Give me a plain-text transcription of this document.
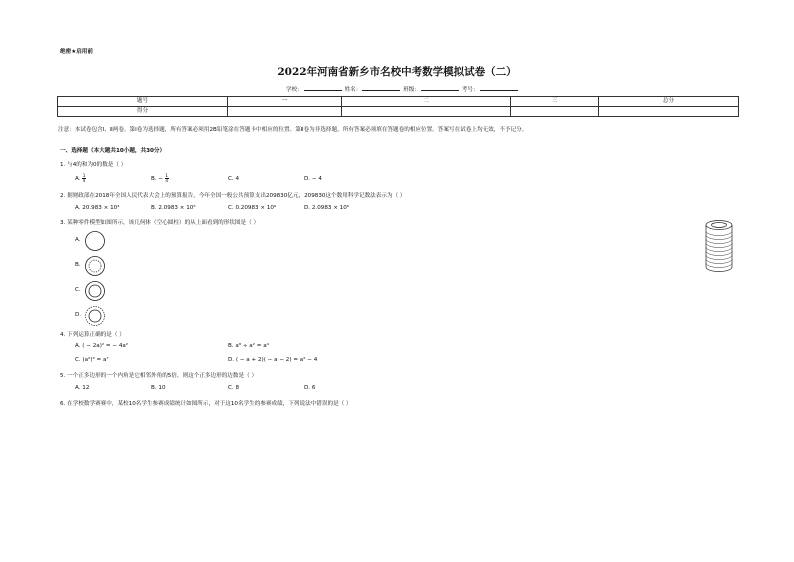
绝密★启用前
2022年河南省新乡市名校中考数学模拟试卷（二）
学校：	姓名：	班级：	考号：
题号	一	二	三	总分
得分				
注意：本试卷包含Ⅰ、Ⅱ两卷。第Ⅰ卷为选择题，所有答案必须用2B铅笔涂在答题卡中相应的位置。第Ⅱ卷为非选择题，所有答案必须填在答题卷的相应位置。答案写在试卷上均无效，不予记分。
一、选择题（本大题共10小题，共30分）
1. 与4的和为0的数是（ ）
A. $\frac{1}{4}$	B. − $\frac{1}{4}$	C. 4	D. − 4
2. 据财政部在2018年全国人民代表大会上的预算报告，今年全国一般公共预算支出209830亿元，209830这个数用科学记数法表示为（ ）
A. 20.983 × 10⁴	B. 2.0983 × 10⁵	C. 0.20983 × 10⁶	D. 2.0983 × 10⁶
3. 某种零件模型如图所示，该几何体（空心圆柱）的从上面看到的形状图是（ ）
A.
B.
C.
D.
4. 下列运算正确的是（ ）
A. ( − 2a)² = − 4a²	B. a⁸ ÷ a² = a⁴
C. (a²)³ = a⁷	D. ( − a + 2)( − a − 2) = a² − 4
5. 一个正多边形的一个内角是它相邻外角的5倍，则这个正多边形的边数是（ ）
A. 12	B. 10	C. 8	D. 6
6. 在学校数学赛赛中，某校10名学生参赛成绩统计如图所示，对于这10名学生的参赛成绩，下列说法中错误的是（ ）
